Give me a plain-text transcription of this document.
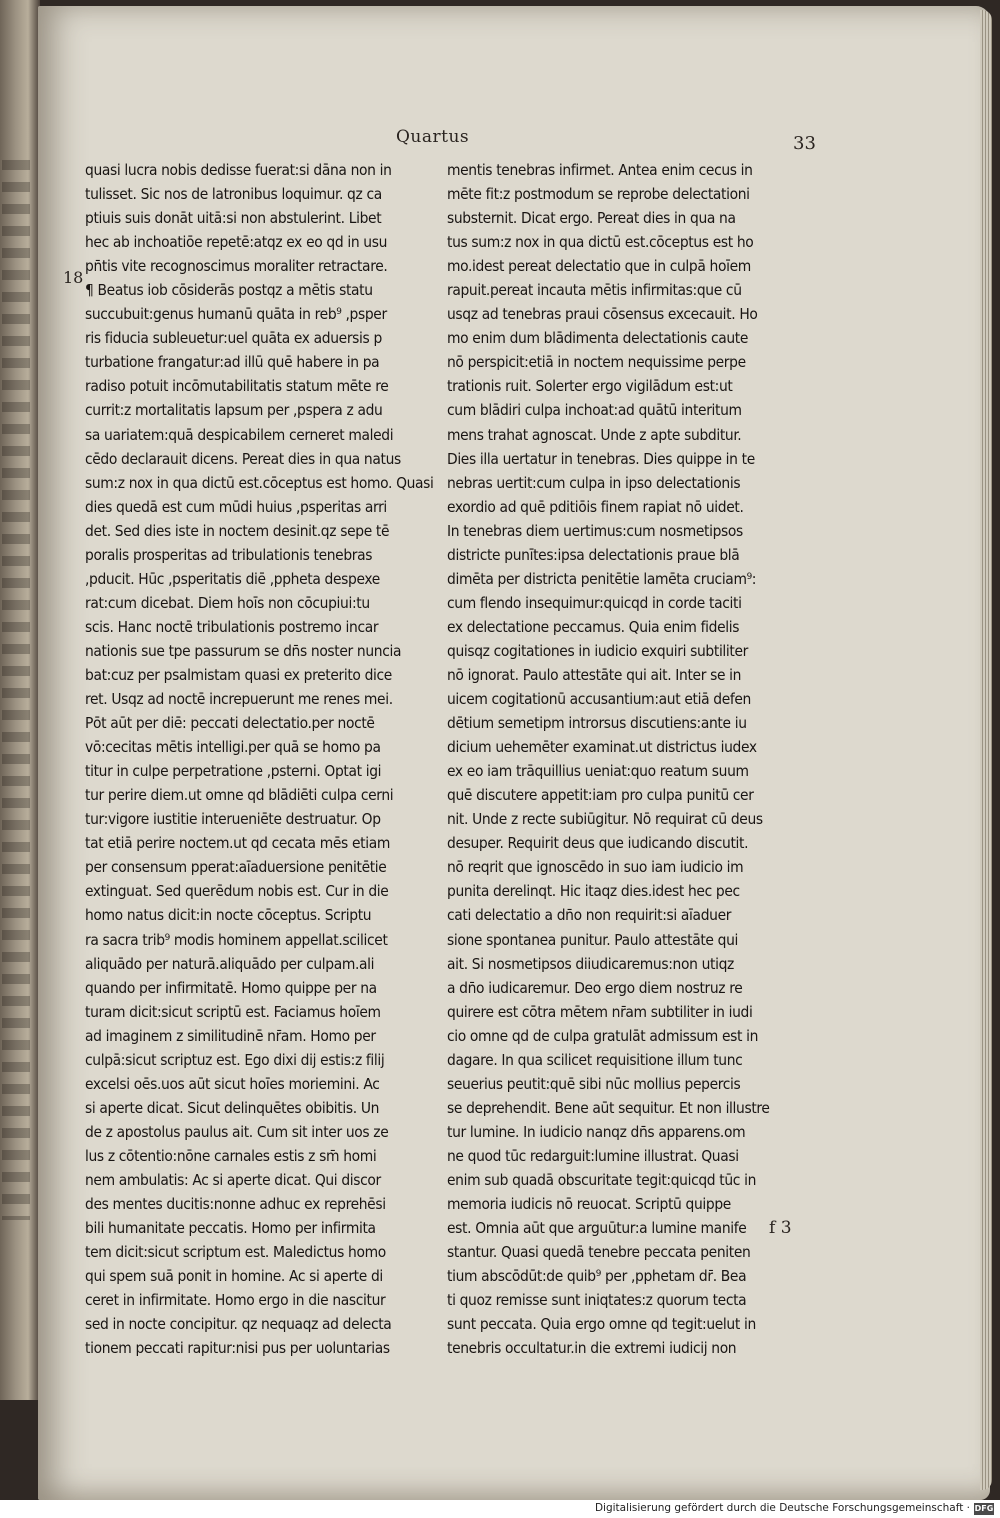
Quartus	33
18
quasi lucra nobis dedisse fuerat:si dāna non in
tulisset. Sic nos de latronibus loquimur. qz ca
ptiuis suis donāt uitā:si non abstulerint. Libet
hec ab inchoatiōe repetē:atqz ex eo qd in usu
pn̄tis vite recognoscimus moraliter retractare.
¶ Beatus iob cōsiderās postqz a mētis statu
succubuit:genus humanū quāta in reb⁹ ,psper
ris fiducia subleuetur:uel quāta ex aduersis p
turbatione frangatur:ad illū quē habere in pa
radiso potuit incōmutabilitatis statum mēte re
currit:z mortalitatis lapsum per ,pspera z adu
sa uariatem:quā despicabilem cerneret maledi
cēdo declarauit dicens. Pereat dies in qua natus
sum:z nox in qua dictū est.cōceptus est homo. Quasi
dies quedā est cum mūdi huius ,psperitas arri
det. Sed dies iste in noctem desinit.qz sepe tē
poralis prosperitas ad tribulationis tenebras
,pducit. Hūc ,psperitatis diē ,ppheta despexe
rat:cum dicebat. Diem hoīs non cōcupiui:tu
scis. Hanc noctē tribulationis postremo incar
nationis sue tpe passurum se dn̄s noster nuncia
bat:cuz per psalmistam quasi ex preterito dice
ret. Usqz ad noctē increpuerunt me renes mei.
Pōt aūt per diē: peccati delectatio.per noctē
vō:cecitas mētis intelligi.per quā se homo pa
titur in culpe perpetratione ,psterni. Optat igi
tur perire diem.ut omne qd blādiēti culpa cerni
tur:vigore iustitie interueniēte destruatur. Op
tat etiā perire noctem.ut qd cecata mēs etiam
per consensum pperat:aīaduersione penitētie
extinguat. Sed querēdum nobis est. Cur in die
homo natus dicit:in nocte cōceptus. Scriptu
ra sacra trib⁹ modis hominem appellat.scilicet
aliquādo per naturā.aliquādo per culpam.ali
quando per infirmitatē. Homo quippe per na
turam dicit:sicut scriptū est. Faciamus hoīem
ad imaginem z similitudinē nr̄am. Homo per
culpā:sicut scriptuz est. Ego dixi dij estis:z filij
excelsi oēs.uos aūt sicut hoīes moriemini. Ac
si aperte dicat. Sicut delinquētes obibitis. Un
de z apostolus paulus ait. Cum sit inter uos ze
lus z cōtentio:nōne carnales estis z sm̄ homi
nem ambulatis: Ac si aperte dicat. Qui discor
des mentes ducitis:nonne adhuc ex reprehēsi
bili humanitate peccatis. Homo per infirmita
tem dicit:sicut scriptum est. Maledictus homo
qui spem suā ponit in homine. Ac si aperte di
ceret in infirmitate. Homo ergo in die nascitur
sed in nocte concipitur. qz nequaqz ad delecta
tionem peccati rapitur:nisi pus per uoluntarias
mentis tenebras infirmet. Antea enim cecus in
mēte fit:z postmodum se reprobe delectationi
substernit. Dicat ergo. Pereat dies in qua na
tus sum:z nox in qua dictū est.cōceptus est ho
mo.idest pereat delectatio que in culpā hoīem
rapuit.pereat incauta mētis infirmitas:que cū
usqz ad tenebras praui cōsensus excecauit. Ho
mo enim dum blādimenta delectationis caute
nō perspicit:etiā in noctem nequissime perpe
trationis ruit. Solerter ergo vigilādum est:ut
cum blādiri culpa inchoat:ad quātū interitum
mens trahat agnoscat. Unde z apte subditur.
Dies illa uertatur in tenebras. Dies quippe in te
nebras uertit:cum culpa in ipso delectationis
exordio ad quē pditiōis finem rapiat nō uidet.
In tenebras diem uertimus:cum nosmetipsos
districte punītes:ipsa delectationis praue blā
dimēta per districta penitētie lamēta cruciam⁹:
cum flendo insequimur:quicqd in corde taciti
ex delectatione peccamus. Quia enim fidelis
quisqz cogitationes in iudicio exquiri subtiliter
nō ignorat. Paulo attestāte qui ait. Inter se in
uicem cogitationū accusantium:aut etiā defen
dētium semetipm introrsus discutiens:ante iu
dicium uehemēter examinat.ut districtus iudex
ex eo iam trāquillius ueniat:quo reatum suum
quē discutere appetit:iam pro culpa punitū cer
nit. Unde z recte subiūgitur. Nō requirat cū deus
desuper. Requirit deus que iudicando discutit.
nō reqrit que ignoscēdo in suo iam iudicio im
punita derelinqt. Hic itaqz dies.idest hec pec
cati delectatio a dn̄o non requirit:si aīaduer
sione spontanea punitur. Paulo attestāte qui
ait. Si nosmetipsos diiudicaremus:non utiqz
a dn̄o iudicaremur. Deo ergo diem nostruz re
quirere est cōtra mētem nr̄am subtiliter in iudi
cio omne qd de culpa gratulāt admissum est in
dagare. In qua scilicet requisitione illum tunc
seuerius peutit:quē sibi nūc mollius pepercis
se deprehendit. Bene aūt sequitur. Et non illustre
tur lumine. In iudicio nanqz dn̄s apparens.om
ne quod tūc redarguit:lumine illustrat. Quasi
enim sub quadā obscuritate tegit:quicqd tūc in
memoria iudicis nō reuocat. Scriptū quippe
est. Omnia aūt que arguūtur:a lumine manife
stantur. Quasi quedā tenebre peccata peniten
tium abscōdūt:de quib⁹ per ,pphetam dr̄. Bea
ti quoz remisse sunt iniqtates:z quorum tecta
sunt peccata. Quia ergo omne qd tegit:uelut in
tenebris occultatur.in die extremi iudicij non
f 3
Digitalisierung gefördert durch die Deutsche Forschungsgemeinschaft · DFG
